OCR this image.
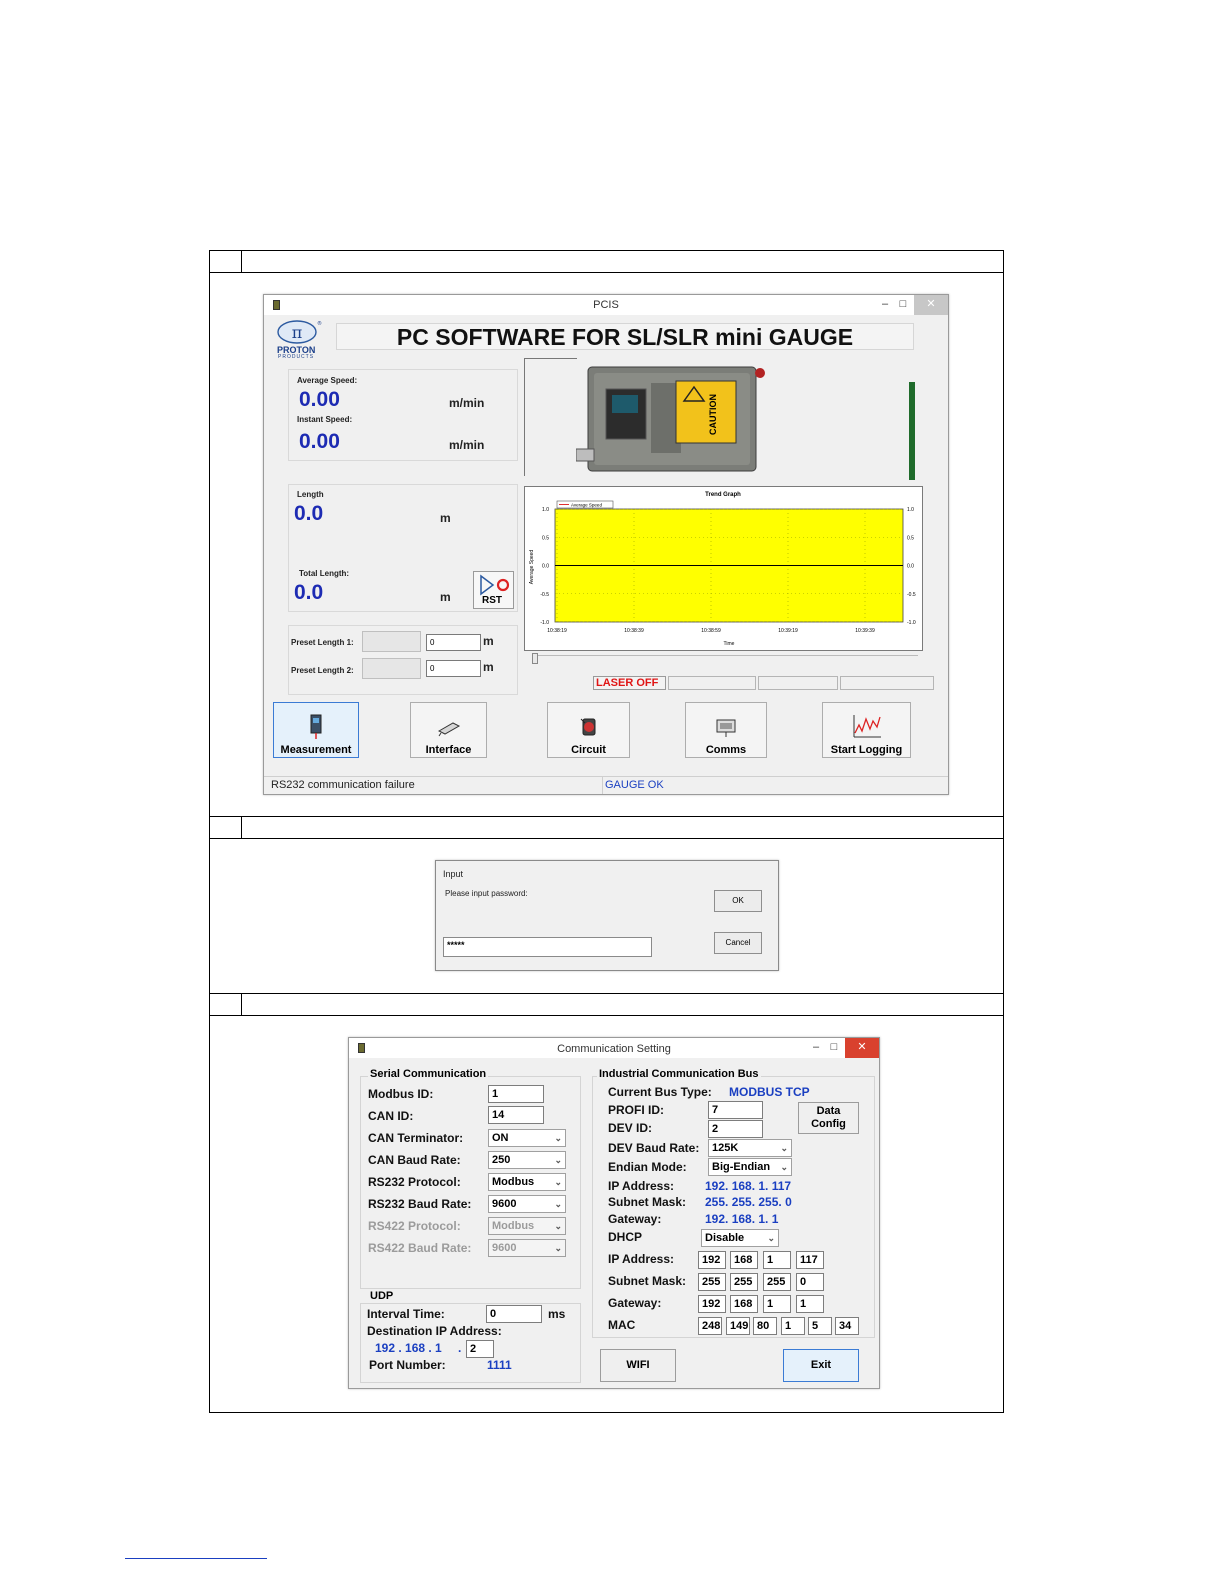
PCIS	–	□	✕
π	®
PROTON
PRODUCTS
PC SOFTWARE FOR SL/SLR mini GAUGE
Average Speed:
0.00	m/min
Instant Speed:
0.00	m/min
Length
0.0	m
Total Length:
0.0	m	RST
Preset Length 1:	0	m
Preset Length 2:	0	m
CAUTION
Trend Graph
1.0	1.0
0.5	0.5
0.0	0.0
-0.5	-0.5
-1.0	-1.0
10:38:19	10:38:39	10:38:59	10:39:19	10:39:39
Average Speed
Average Speed
Time
LASER OFF
Measurement	Interface	Circuit	Comms	Start Logging
RS232 communication failure	GAUGE OK
Input
Please input password:
OK
Cancel
*****
Communication Setting	–	□	✕
Serial Communication
Modbus ID:	1
CAN ID:	14
CAN Terminator:	ON	⌄
CAN Baud Rate:	250	⌄
RS232 Protocol:	Modbus ⌄
RS232 Baud Rate:	9600	⌄
RS422 Protocol:	Modbus ⌄
RS422 Baud Rate:	9600	⌄
UDP
Interval Time:	0	ms
Destination IP Address:
192 . 168 . 1 . 2
Port Number:	1111
Industrial Communication Bus
Current Bus Type: MODBUS TCP
PROFI ID:	7
DEV ID:	2
Data
Config
DEV Baud Rate:	125K	⌄
Endian Mode:	Big-Endian ⌄
IP Address:	192. 168. 1. 117
Subnet Mask: 255. 255. 255. 0
Gateway:	192. 168. 1. 1
DHCP	Disable	⌄
IP Address:	192	168	1	117
Subnet Mask:	255	255	255	0
Gateway:	192	168	1	1
MAC	248 149 80	1	5	34
WIFI	Exit
